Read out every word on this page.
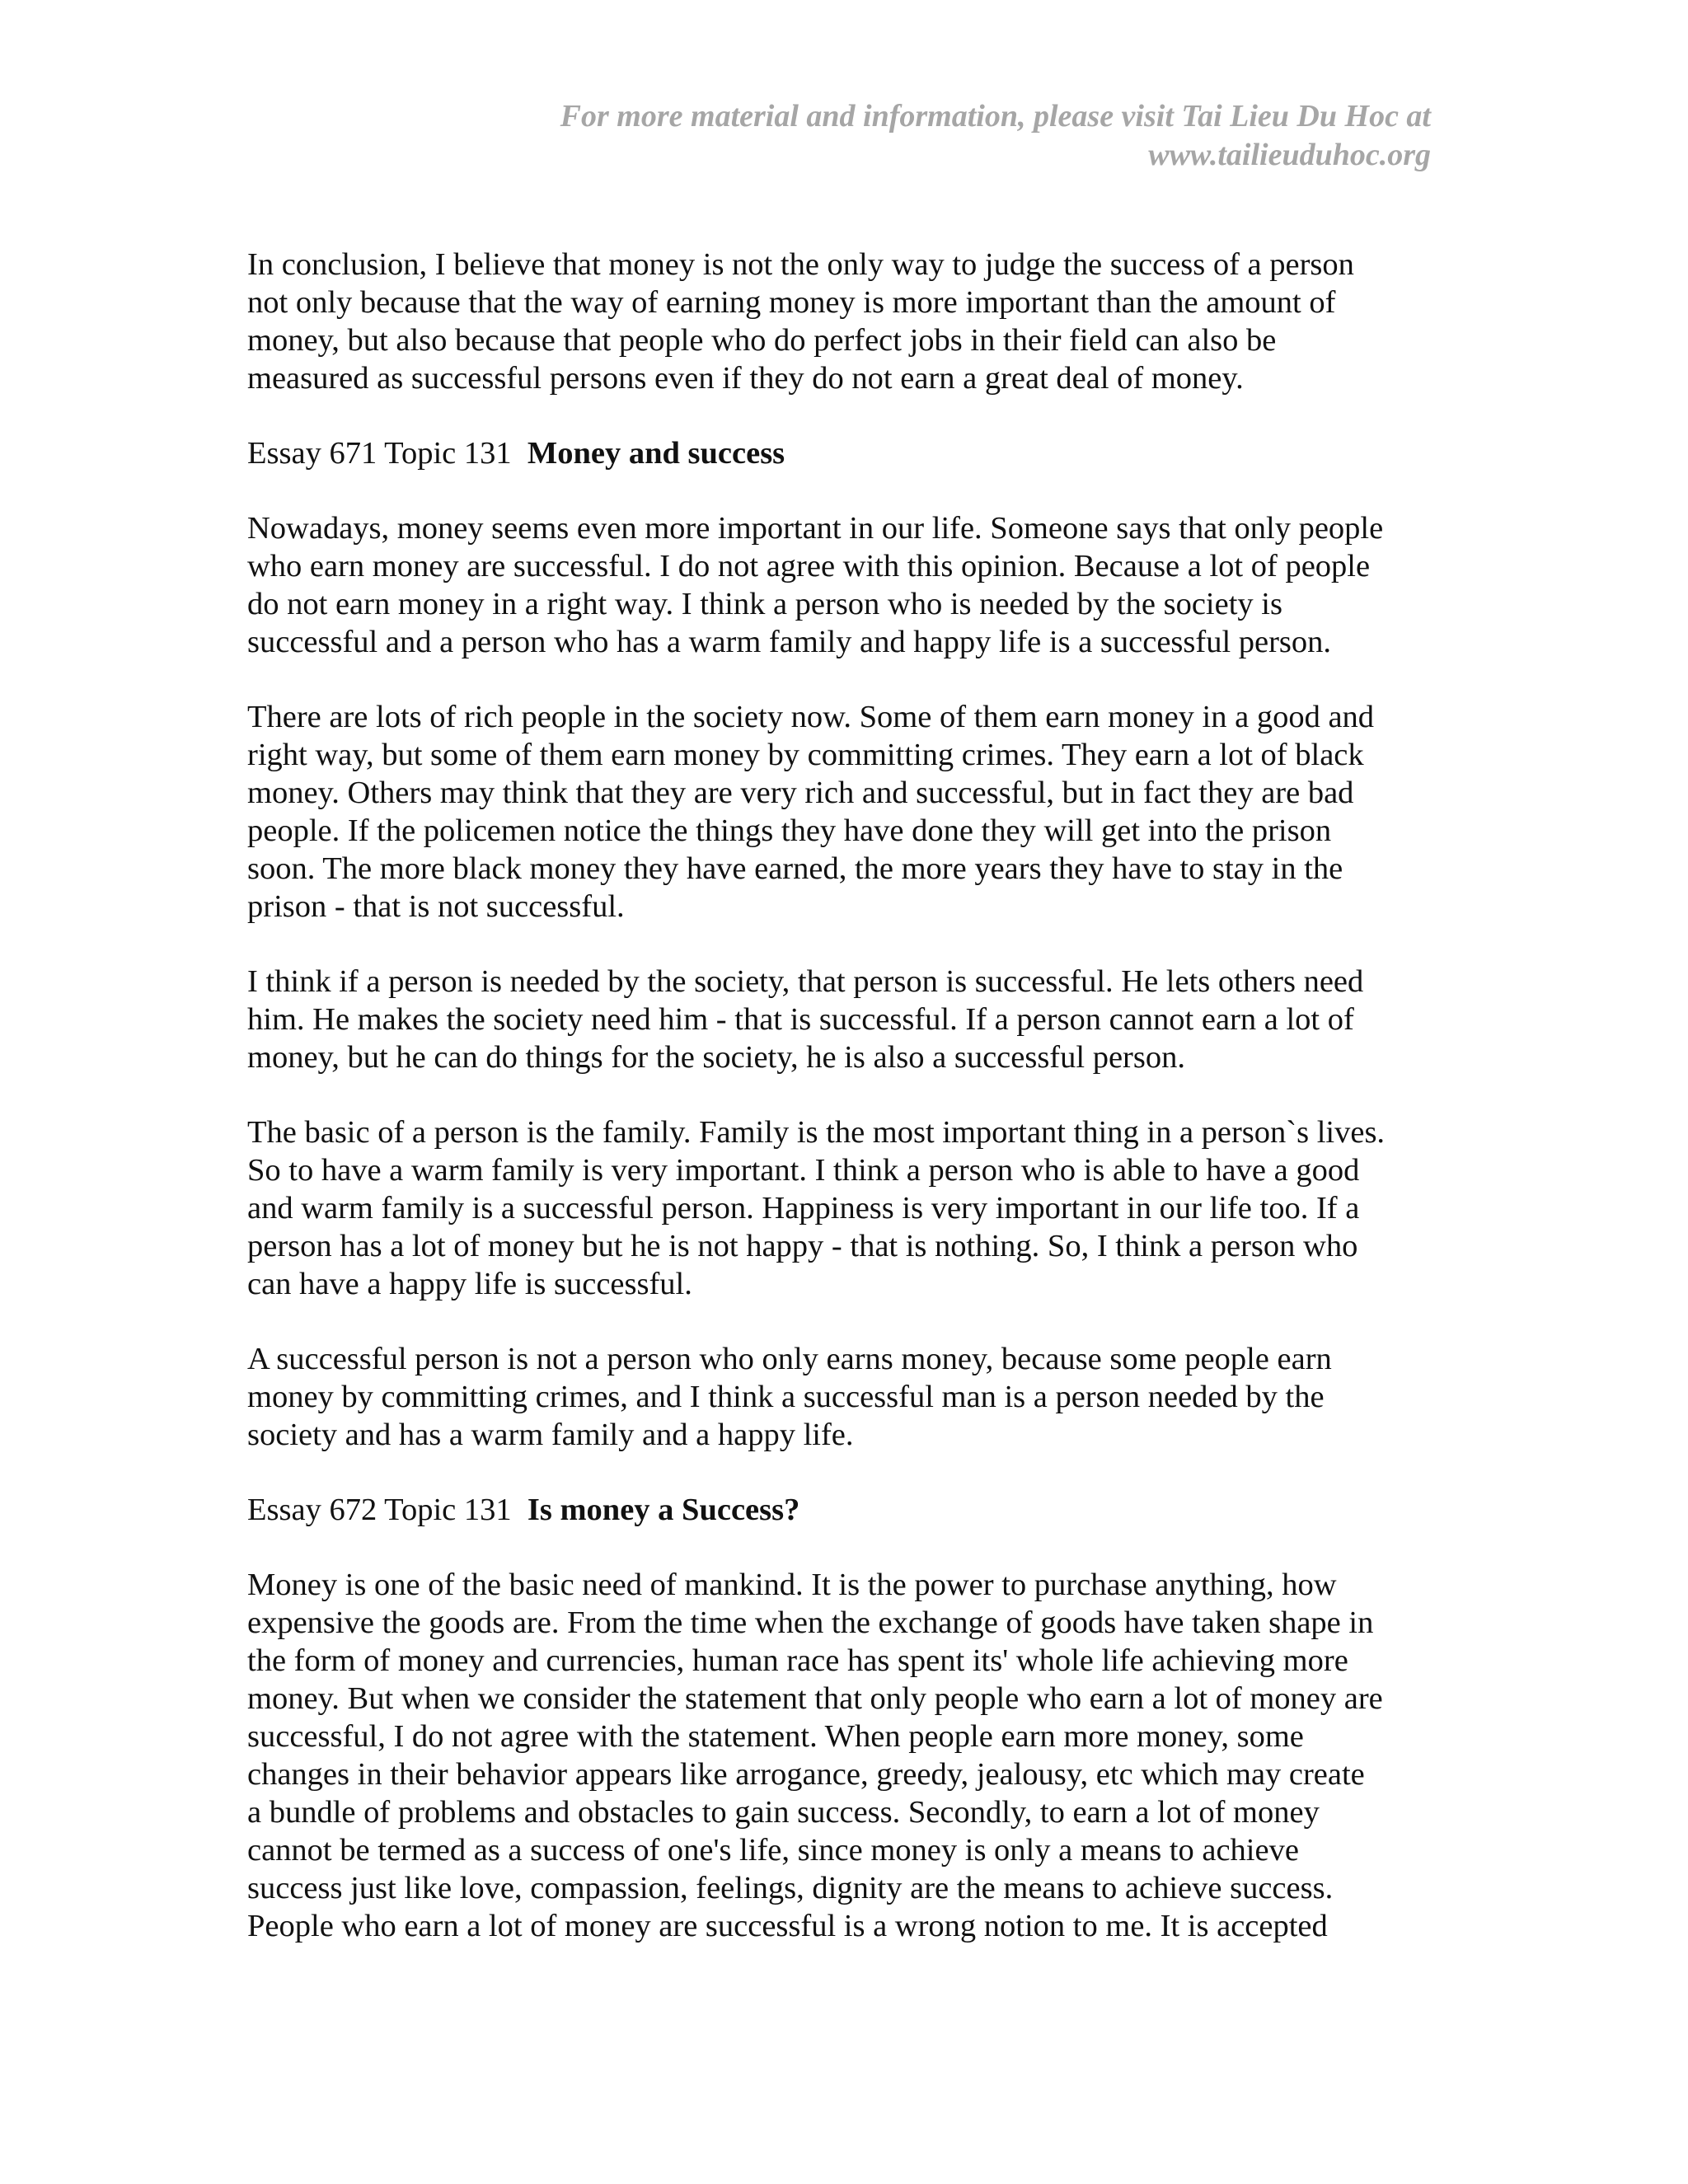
For more material and information, please visit Tai Lieu Du Hoc at
www.tailieuduhoc.org
In conclusion, I believe that money is not the only way to judge the success of a person
not only because that the way of earning money is more important than the amount of
money, but also because that people who do perfect jobs in their field can also be
measured as successful persons even if they do not earn a great deal of money.
Essay 671 Topic 131 Money and success
Nowadays, money seems even more important in our life. Someone says that only people
who earn money are successful. I do not agree with this opinion. Because a lot of people
do not earn money in a right way. I think a person who is needed by the society is
successful and a person who has a warm family and happy life is a successful person.
There are lots of rich people in the society now. Some of them earn money in a good and
right way, but some of them earn money by committing crimes. They earn a lot of black
money. Others may think that they are very rich and successful, but in fact they are bad
people. If the policemen notice the things they have done they will get into the prison
soon. The more black money they have earned, the more years they have to stay in the
prison - that is not successful.
I think if a person is needed by the society, that person is successful. He lets others need
him. He makes the society need him - that is successful. If a person cannot earn a lot of
money, but he can do things for the society, he is also a successful person.
The basic of a person is the family. Family is the most important thing in a person`s lives.
So to have a warm family is very important. I think a person who is able to have a good
and warm family is a successful person. Happiness is very important in our life too. If a
person has a lot of money but he is not happy - that is nothing. So, I think a person who
can have a happy life is successful.
A successful person is not a person who only earns money, because some people earn
money by committing crimes, and I think a successful man is a person needed by the
society and has a warm family and a happy life.
Essay 672 Topic 131 Is money a Success?
Money is one of the basic need of mankind. It is the power to purchase anything, how
expensive the goods are. From the time when the exchange of goods have taken shape in
the form of money and currencies, human race has spent its' whole life achieving more
money. But when we consider the statement that only people who earn a lot of money are
successful, I do not agree with the statement. When people earn more money, some
changes in their behavior appears like arrogance, greedy, jealousy, etc which may create
a bundle of problems and obstacles to gain success. Secondly, to earn a lot of money
cannot be termed as a success of one's life, since money is only a means to achieve
success just like love, compassion, feelings, dignity are the means to achieve success.
People who earn a lot of money are successful is a wrong notion to me. It is accepted
